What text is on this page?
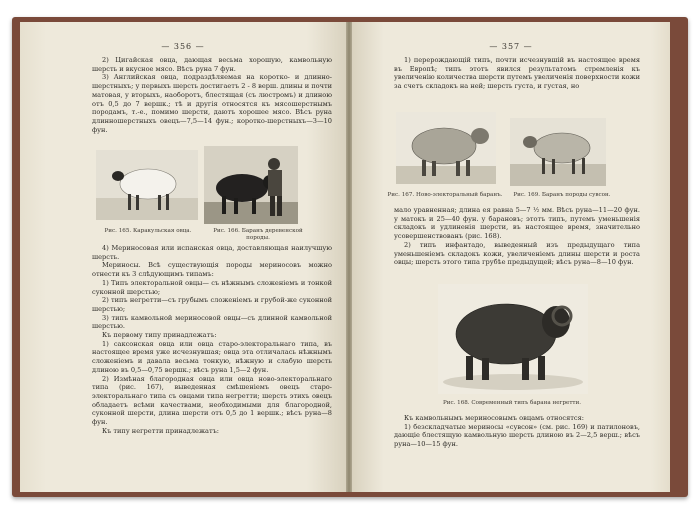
— 356 —

2) Цигайская овца, дающая весьма хорошую, камвольную шерсть и вкусное мясо. Вѣсъ руна 7 фун.

3) Английская овца, подраздѣляемая на коротко- и длинно-шерстныхъ; у первыхъ шерсть достигаетъ 2 - 8 верш. длины и почти матовая, у вторыхъ, наоборотъ, блестящая (съ люстромъ) и длиною отъ 0,5 до 7 вершк.; тѣ и другія относятся къ мясошерстнымъ породамъ, т.-е., помимо шерсти, даютъ хорошее мясо. Вѣсъ руна длинношерстныхъ овецъ—7,5—14 фун.; коротко-шерстныхъ—3—10 фун.

Рис. 165. Каракульская овца.	Рис. 166. Баранъ деревенской породы.

4) Мериносовая или испанская овца, доставляющая наилучшую шерсть.

Мериносы. Всѣ существующія породы мериносовъ можно отнести къ 3 слѣдующимъ типамъ:

1) Типъ электоральной овцы— съ нѣжнымъ сложеніемъ и тонкой суконной шерстью;

2) типъ негретти—съ грубымъ сложеніемъ и грубой-же суконной шерстью;

3) типъ камвольной мериносовой овцы—съ длинной камвольной шерстью.

Къ первому типу принадлежатъ:

1) саксонская овца или овца старо-электоральнаго типа, въ настоящее время уже исчезнувшая; овца эта отличалась нѣжнымъ сложеніемъ и давала весьма тонкую, нѣжную и слабую шерсть длиною въ 0,5—0,75 вершк.; вѣсъ руна 1,5—2 фун.

2) Измѣная благородная овца или овца ново-электоральнаго типа (рис. 167), выведенная смѣшеніемъ овецъ старо-электоральнаго типа съ овцами типа негретти; шерсть этихъ овецъ обладаетъ всѣми качествами, необходимыми для благородной, суконной шерсти, длина шерсти отъ 0,5 до 1 вершк.; вѣсъ руна—8 фун.

Къ типу негретти принадлежатъ:

— 357 —

1) перерождающій типъ, почти исчезнувшій въ настоящее время въ Европѣ; типъ этотъ явился результатомъ стремленія къ увеличенію количества шерсти путемъ увеличенія поверхности кожи за счетъ складокъ на ней; шерсть густа, и густая, но

Рис. 167. Ново-электоральный баранъ.	Рис. 169. Баранъ породы сувсон.

мало уравненная; длина ея равна 5—7 ½ мм. Вѣсъ руна—11—20 фун. у матокъ и 25—40 фун. у барановъ; этотъ типъ, путемъ уменьшенія складокъ и удлиненія шерсти, въ настоящее время, значительно усовершенствованъ (рис. 168).

2) типъ инфантадо, выведенный изъ предыдущаго типа уменьшеніемъ складокъ кожи, увеличеніемъ длины шерсти и роста овцы; шерсть этого типа грубѣе предыдущей; вѣсъ руна—8—10 фун.

Рис. 168. Современный типъ барана негретти.

Къ камвольнымъ мериносовымъ овцамъ относятся:

1) безскладчатые мериносы «сувсон» (см. рис. 169) и патилоновъ, дающіе блестящую камвольную шерсть длиною въ 2—2,5 верш.; вѣсъ руна—10—15 фун.
